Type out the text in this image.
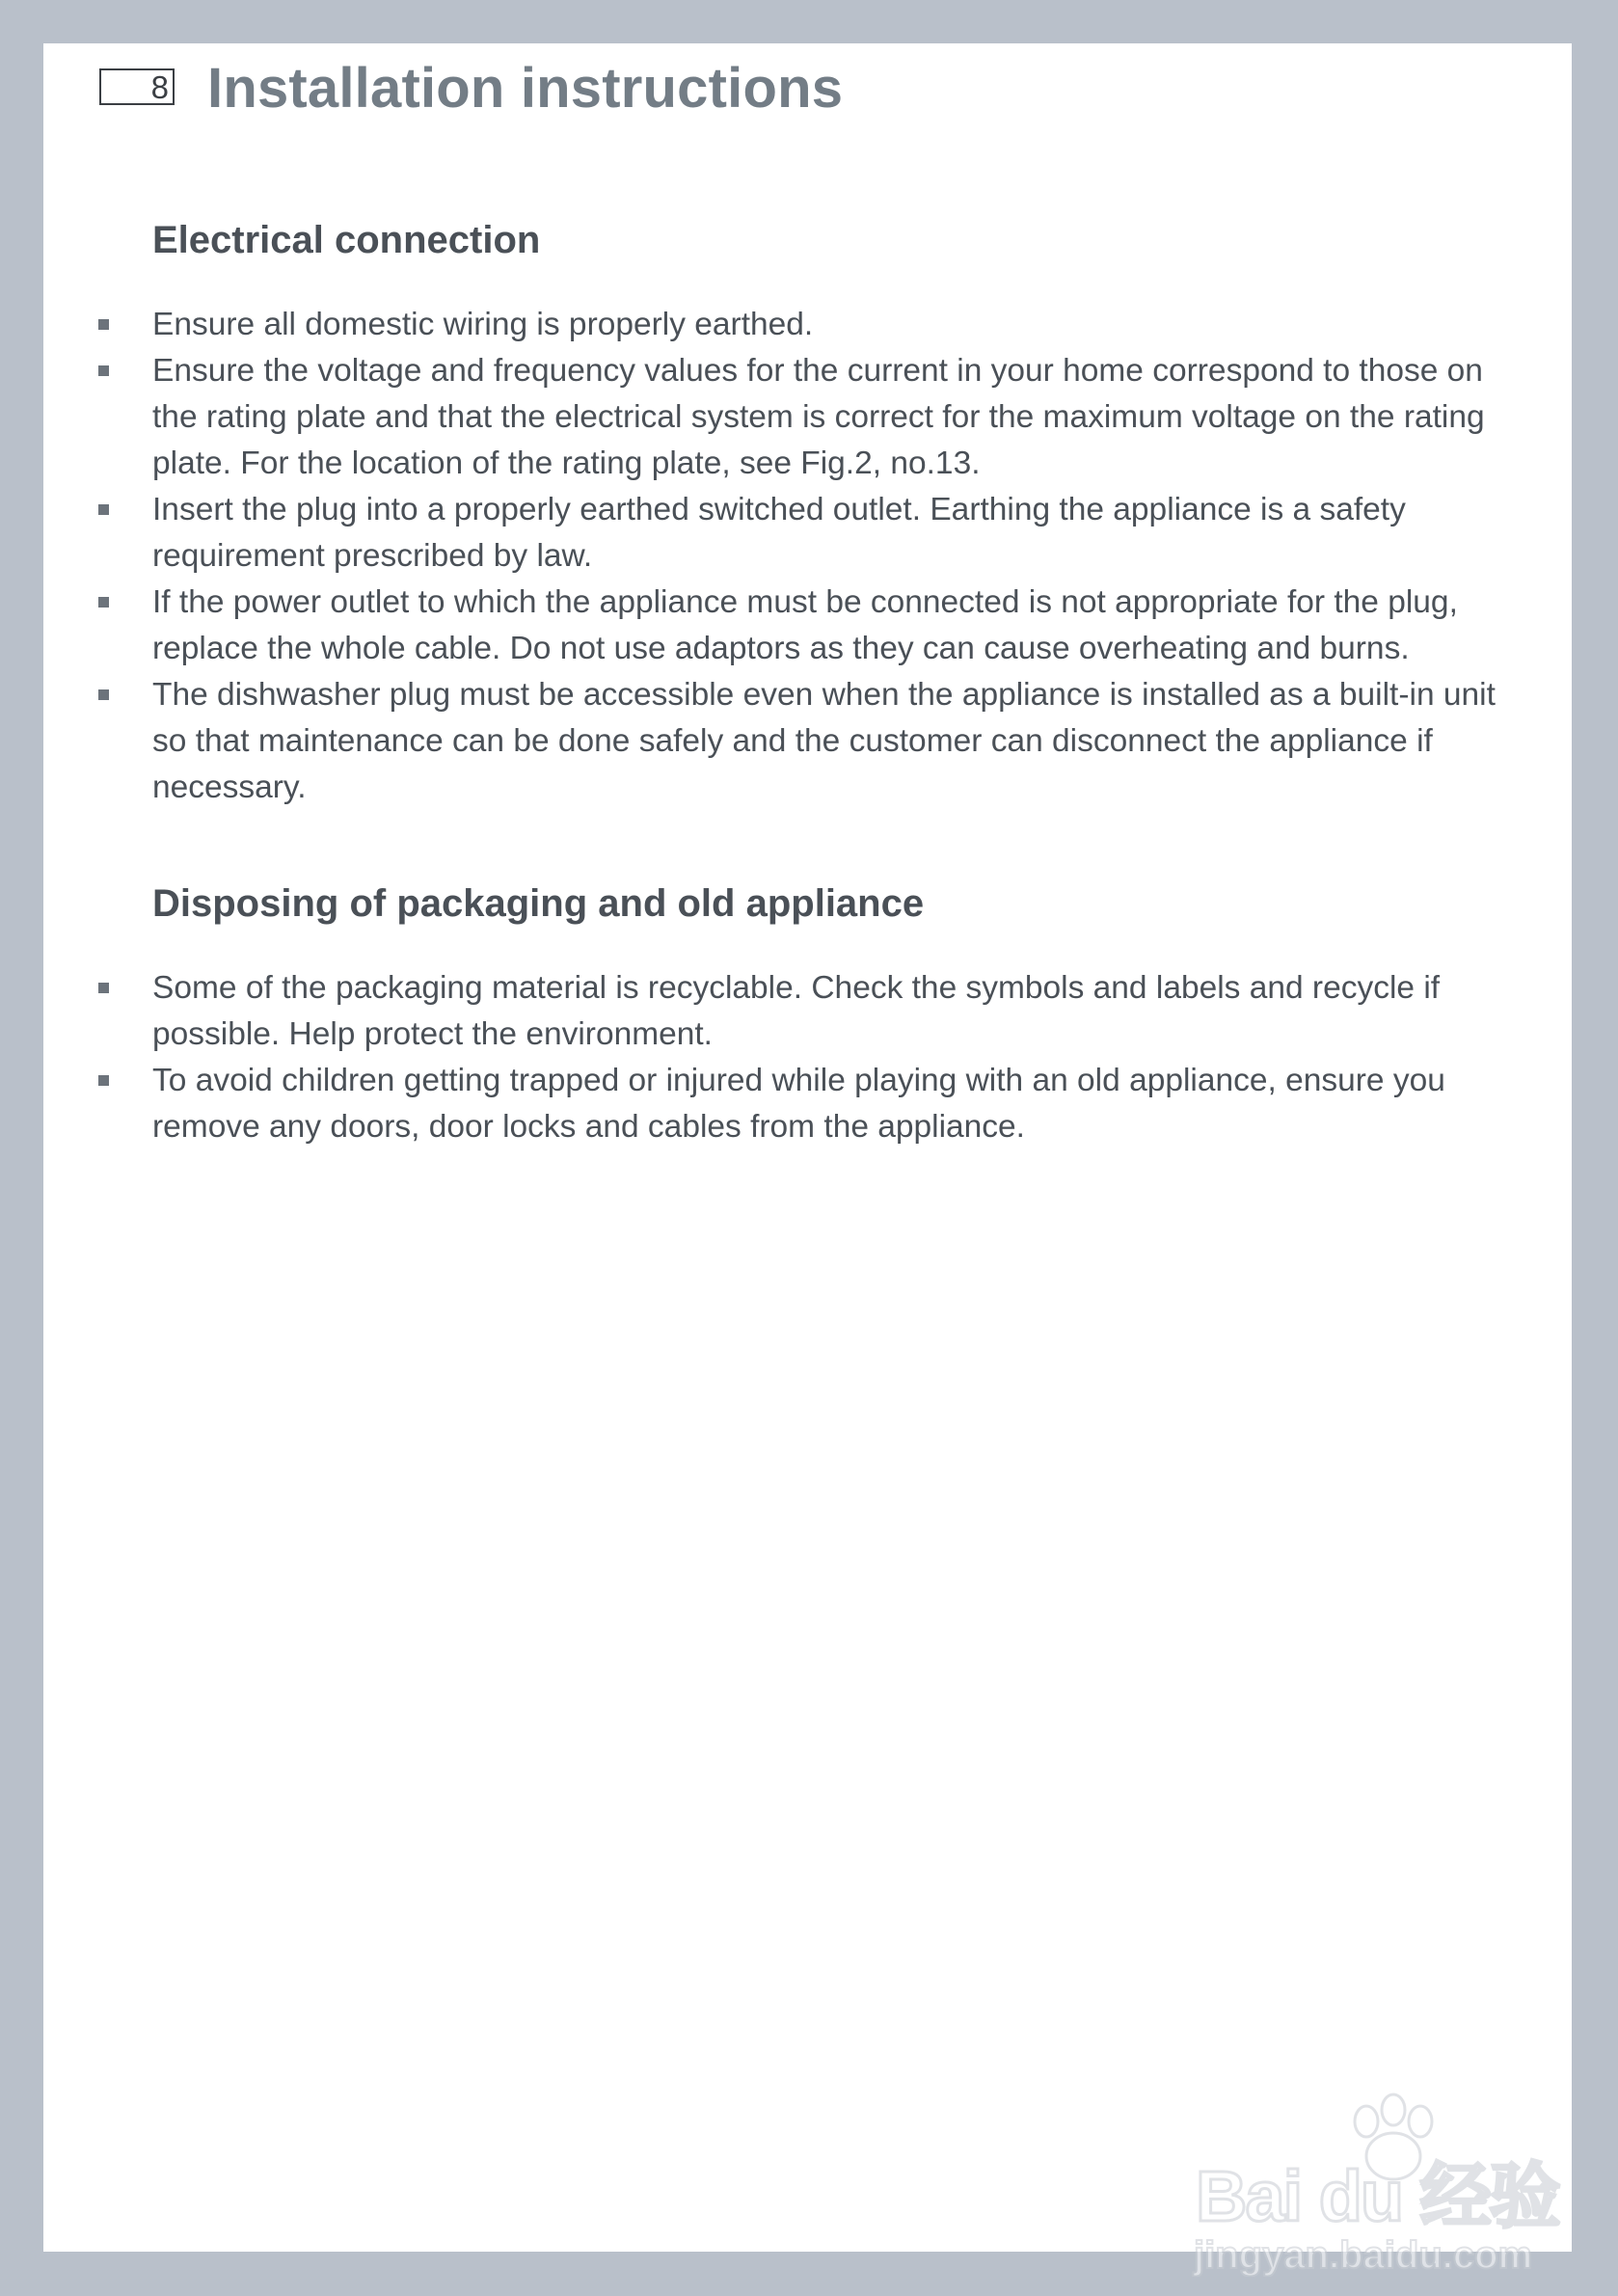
8 Installation instructions
Electrical connection
Ensure all domestic wiring is properly earthed.
Ensure the voltage and frequency values for the current in your home correspond to those on the rating plate and that the electrical system is correct for the maximum voltage on the rating plate. For the location of the rating plate, see Fig.2, no.13.
Insert the plug into a properly earthed switched outlet. Earthing the appliance is a safety requirement prescribed by law.
If the power outlet to which the appliance must be connected is not appropriate for the plug, replace the whole cable. Do not use adaptors as they can cause overheating and burns.
The dishwasher plug must be accessible even when the appliance is installed as a built-in unit so that maintenance can be done safely and the customer can disconnect the appliance if necessary.
Disposing of packaging and old appliance
Some of the packaging material is recyclable. Check the symbols and labels and recycle if possible. Help protect the environment.
To avoid children getting trapped or injured while playing with an old appliance, ensure you remove any doors, door locks and cables from the appliance.
Bai du 经验
jingyan.baidu.com
